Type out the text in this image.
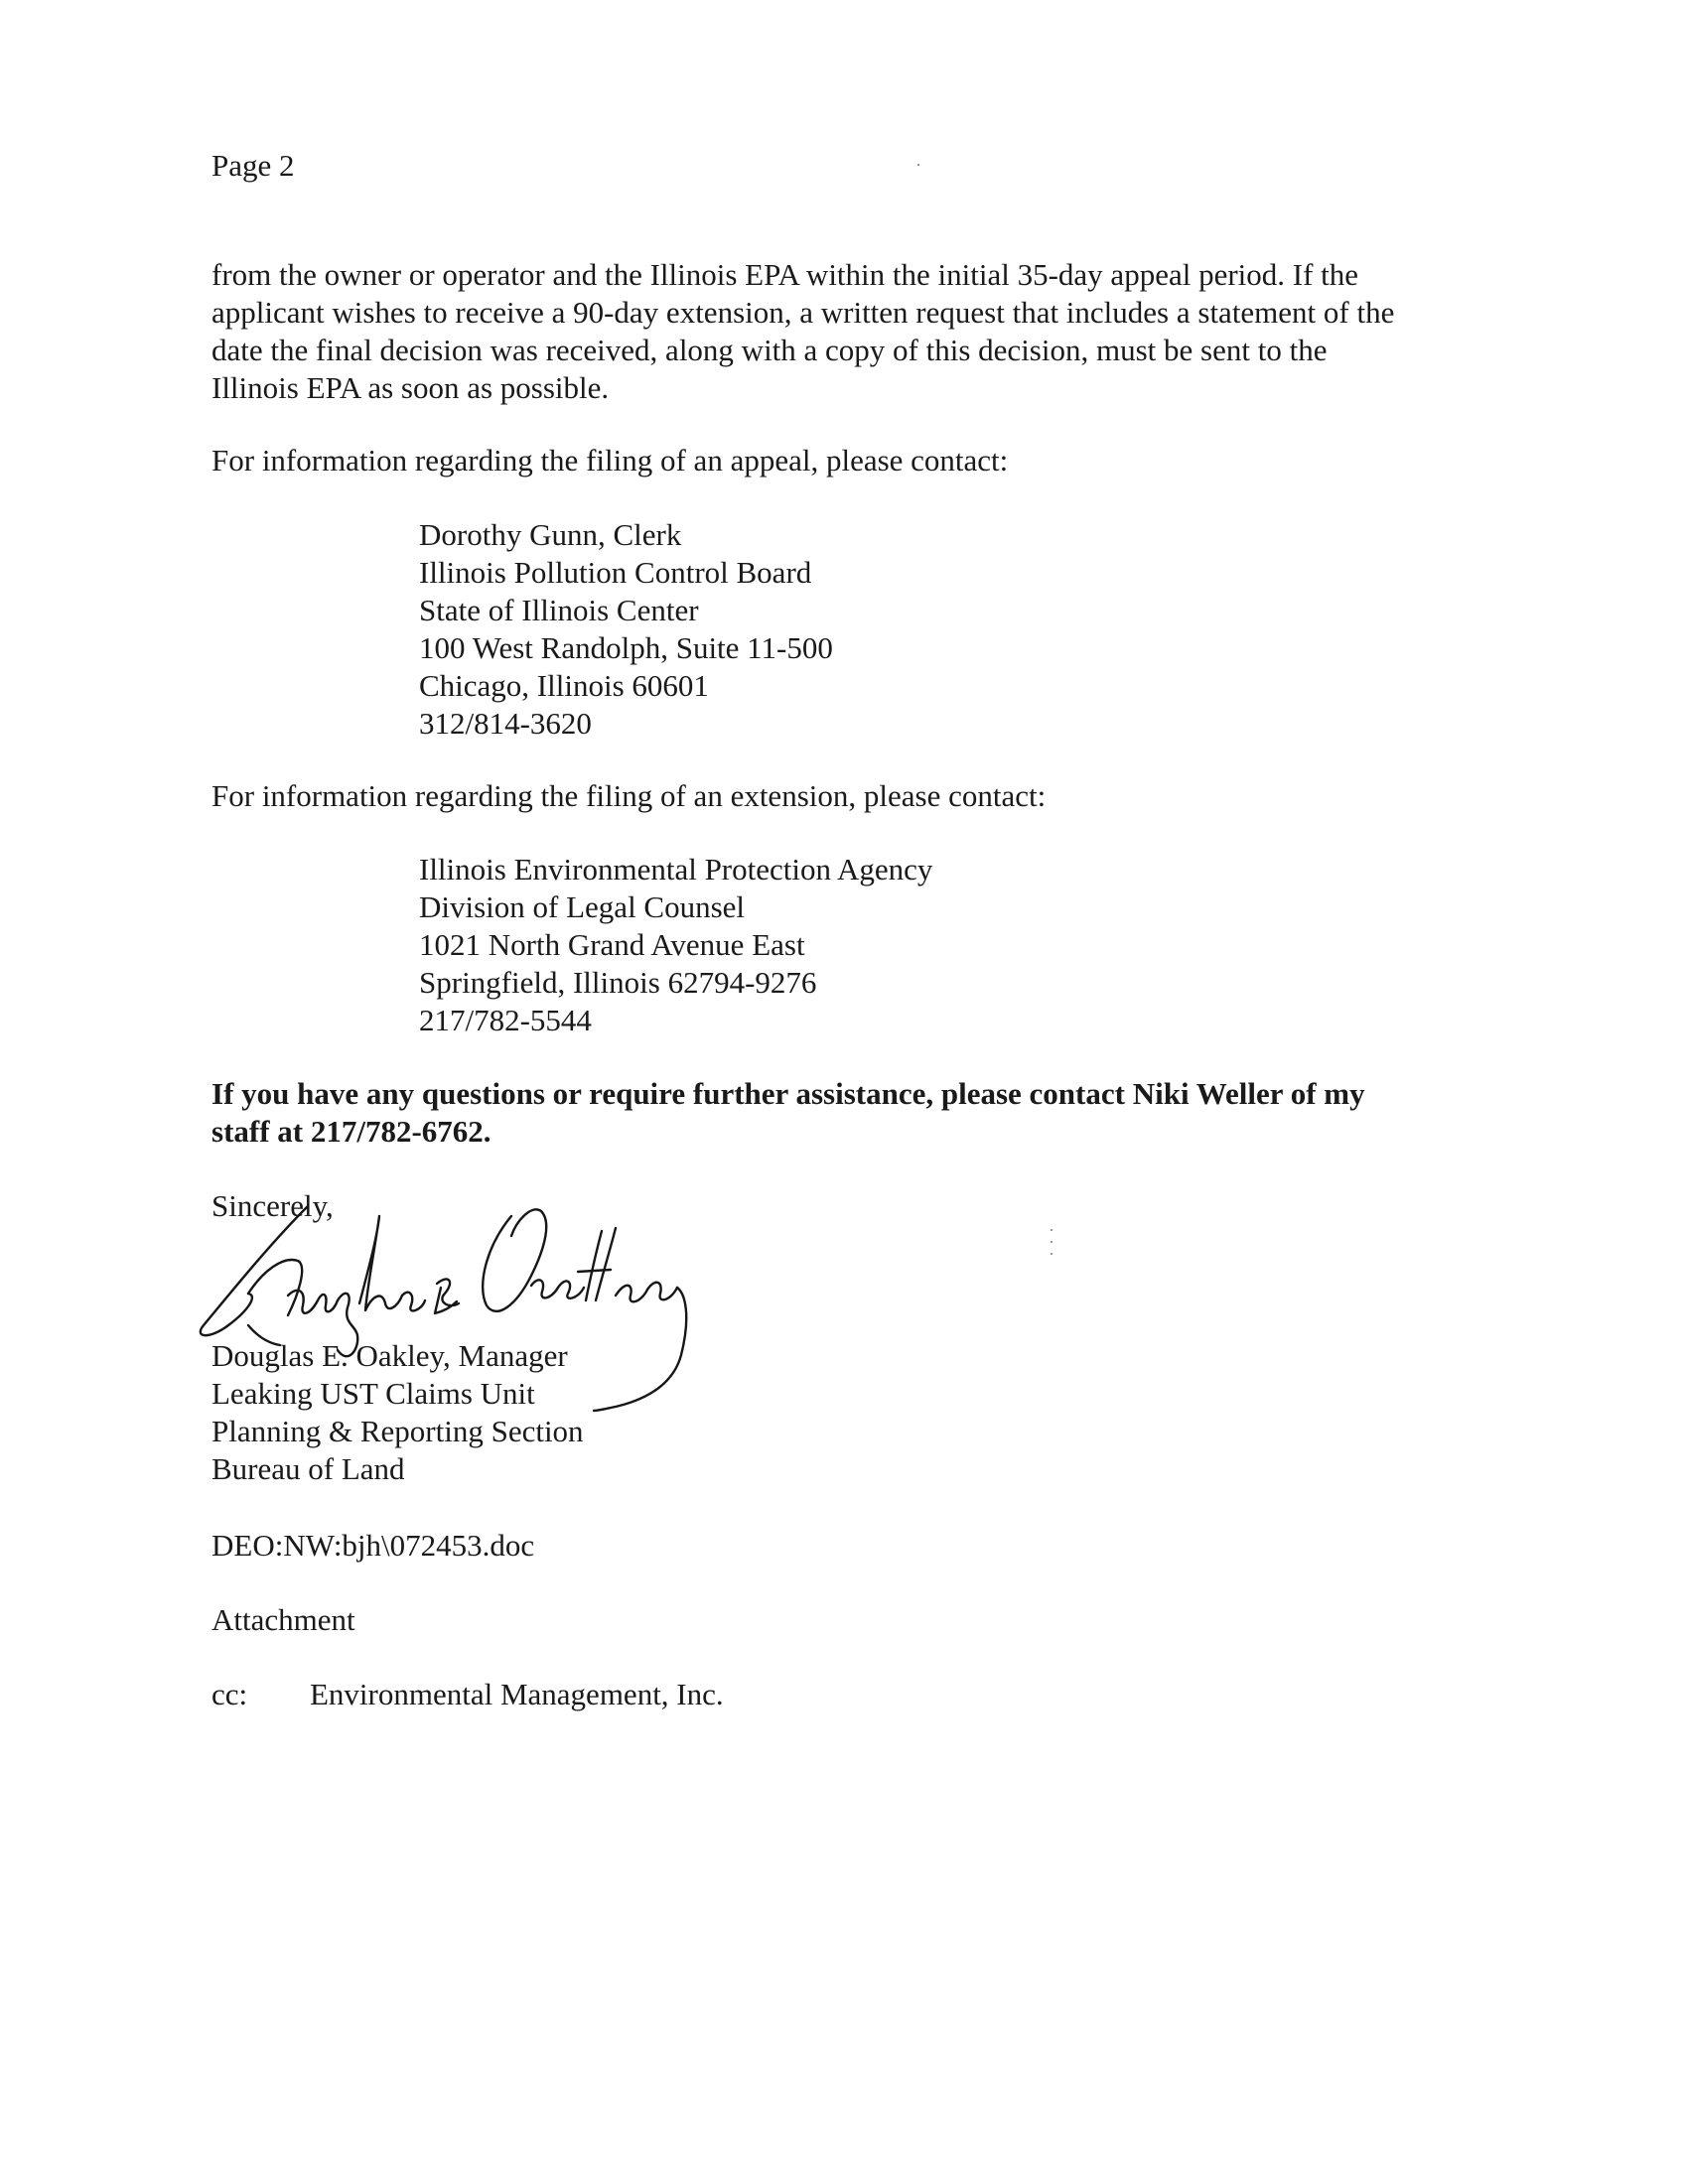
Page 2
from the owner or operator and the Illinois EPA within the initial 35-day appeal period. If the
applicant wishes to receive a 90-day extension, a written request that includes a statement of the
date the final decision was received, along with a copy of this decision, must be sent to the
Illinois EPA as soon as possible.
For information regarding the filing of an appeal, please contact:
Dorothy Gunn, Clerk
Illinois Pollution Control Board
State of Illinois Center
100 West Randolph, Suite 11-500
Chicago, Illinois 60601
312/814-3620
For information regarding the filing of an extension, please contact:
Illinois Environmental Protection Agency
Division of Legal Counsel
1021 North Grand Avenue East
Springfield, Illinois 62794-9276
217/782-5544
If you have any questions or require further assistance, please contact Niki Weller of my
staff at 217/782-6762.
Sincerely,
Douglas E. Oakley, Manager
Leaking UST Claims Unit
Planning & Reporting Section
Bureau of Land
DEO:NW:bjh\072453.doc
Attachment
cc: Environmental Management, Inc.
